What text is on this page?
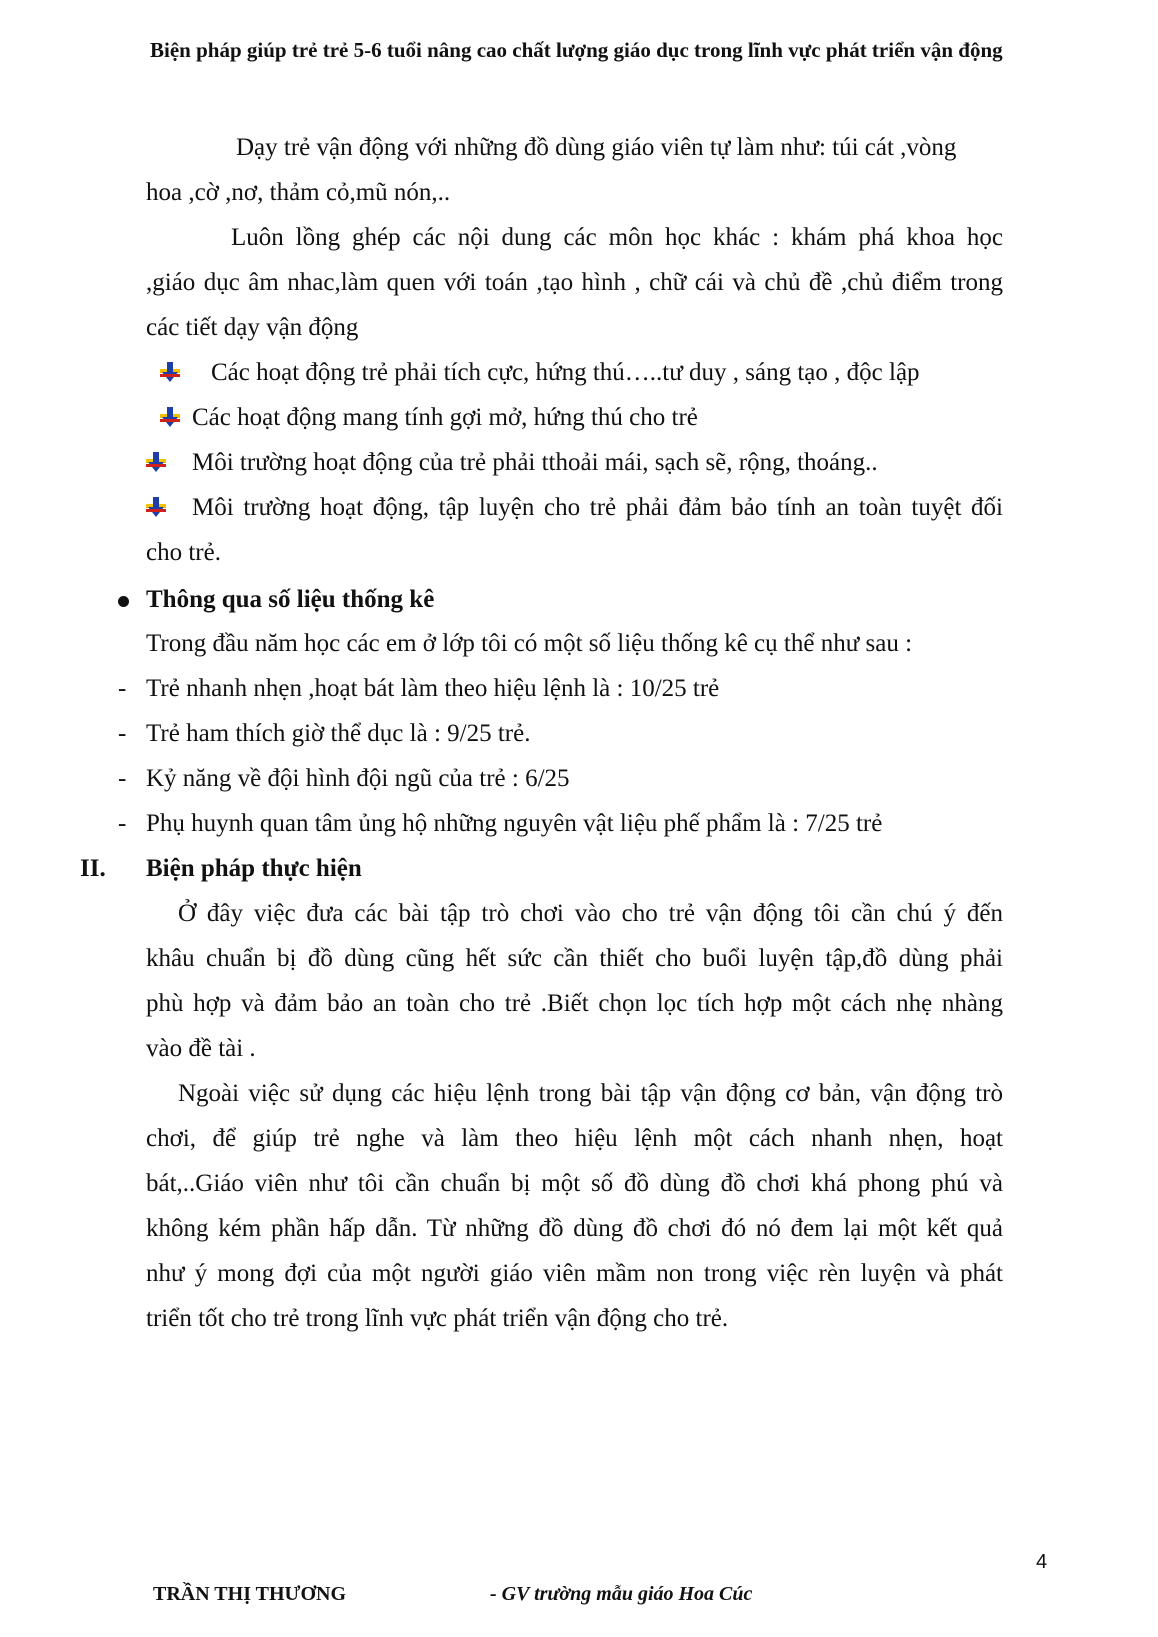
Biện pháp giúp trẻ trẻ 5-6 tuổi nâng cao chất lượng giáo dục trong lĩnh vực phát triển vận động
Dạy trẻ vận động với những đồ dùng giáo viên tự làm như: túi cát ,vòng
hoa ,cờ ,nơ, thảm cỏ,mũ nón,..
Luôn lồng ghép các nội dung các môn học khác : khám phá khoa học
,giáo dục âm nhac,làm quen với toán ,tạo hình , chữ cái và chủ đề ,chủ điểm trong
các tiết dạy vận động
Các hoạt động trẻ phải tích cực, hứng thú…..tư duy , sáng tạo , độc lập
Các hoạt động mang tính gợi mở, hứng thú cho trẻ
Môi trường hoạt động của trẻ phải tthoải mái, sạch sẽ, rộng, thoáng..
Môi trường hoạt động, tập luyện cho trẻ phải đảm bảo tính an toàn tuyệt đối
cho trẻ.
Thông qua số liệu thống kê
Trong đầu năm học các em ở lớp tôi có một số liệu thống kê cụ thể như sau :
- Trẻ nhanh nhẹn ,hoạt bát làm theo hiệu lệnh là : 10/25 trẻ
- Trẻ ham thích giờ thể dục là : 9/25 trẻ.
- Kỷ năng về đội hình đội ngũ của trẻ : 6/25
- Phụ huynh quan tâm ủng hộ những nguyên vật liệu phế phẩm là : 7/25 trẻ
II. Biện pháp thực hiện
Ở đây việc đưa các bài tập trò chơi vào cho trẻ vận động tôi cần chú ý đến
khâu chuẩn bị đồ dùng cũng hết sức cần thiết cho buổi luyện tập,đồ dùng phải
phù hợp và đảm bảo an toàn cho trẻ .Biết chọn lọc tích hợp một cách nhẹ nhàng
vào đề tài .
Ngoài việc sử dụng các hiệu lệnh trong bài tập vận động cơ bản, vận động trò
chơi, để giúp trẻ nghe và làm theo hiệu lệnh một cách nhanh nhẹn, hoạt
bát,..Giáo viên như tôi cần chuẩn bị một số đồ dùng đồ chơi khá phong phú và
không kém phần hấp dẫn. Từ những đồ dùng đồ chơi đó nó đem lại một kết quả
như ý mong đợi của một người giáo viên mầm non trong việc rèn luyện và phát
triển tốt cho trẻ trong lĩnh vực phát triển vận động cho trẻ.
4
TRẦN THỊ THƯƠNG	- GV trường mẫu giáo Hoa Cúc
